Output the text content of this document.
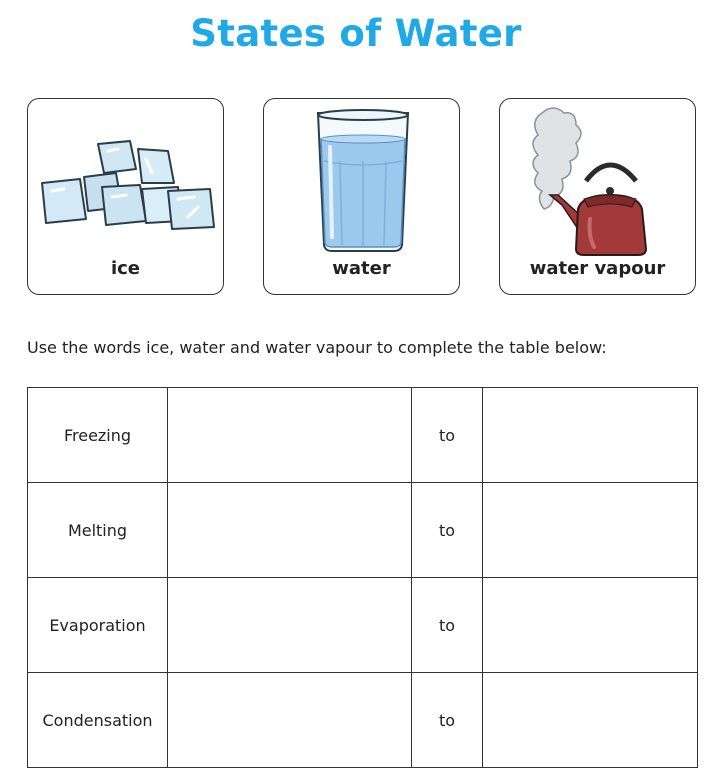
States of Water
ice	water	water vapour
Use the words ice, water and water vapour to complete the table below:
Freezing		to	
Melting		to	
Evaporation		to	
Condensation		to	
